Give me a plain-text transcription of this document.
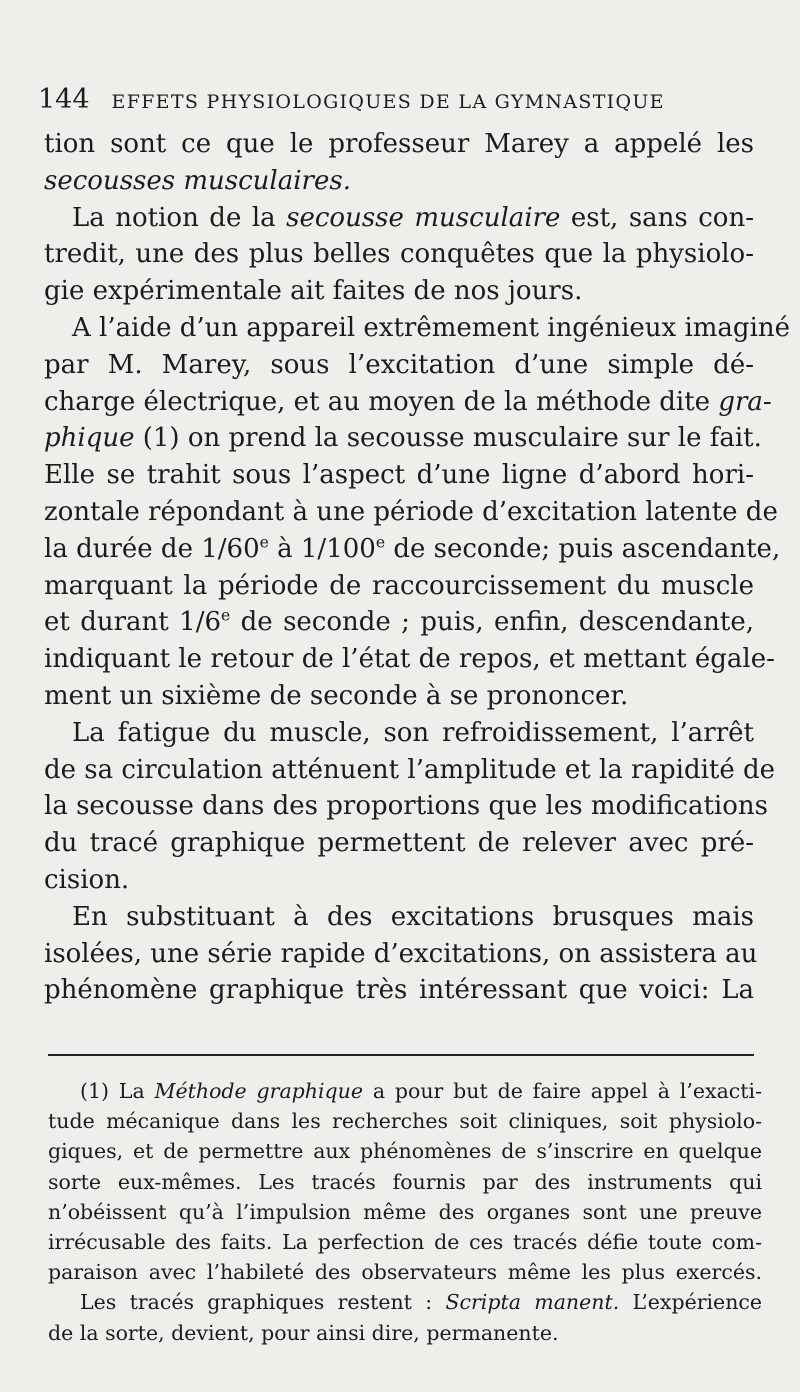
144 EFFETS PHYSIOLOGIQUES DE LA GYMNASTIQUE
tion sont ce que le professeur Marey a appelé les
secousses musculaires.
La notion de la secousse musculaire est, sans con-
tredit, une des plus belles conquêtes que la physiolo-
gie expérimentale ait faites de nos jours.
A l’aide d’un appareil extrêmement ingénieux imaginé
par M. Marey, sous l’excitation d’une simple dé-
charge électrique, et au moyen de la méthode dite gra-
phique (1) on prend la secousse musculaire sur le fait.
Elle se trahit sous l’aspect d’une ligne d’abord hori-
zontale répondant à une période d’excitation latente de
la durée de 1/60e à 1/100e de seconde; puis ascendante,
marquant la période de raccourcissement du muscle
et durant 1/6e de seconde ; puis, enfin, descendante,
indiquant le retour de l’état de repos, et mettant égale-
ment un sixième de seconde à se prononcer.
La fatigue du muscle, son refroidissement, l’arrêt
de sa circulation atténuent l’amplitude et la rapidité de
la secousse dans des proportions que les modifications
du tracé graphique permettent de relever avec pré-
cision.
En substituant à des excitations brusques mais
isolées, une série rapide d’excitations, on assistera au
phénomène graphique très intéressant que voici: La
(1) La Méthode graphique a pour but de faire appel à l’exacti-
tude mécanique dans les recherches soit cliniques, soit physiolo-
giques, et de permettre aux phénomènes de s’inscrire en quelque
sorte eux-mêmes. Les tracés fournis par des instruments qui
n’obéissent qu’à l’impulsion même des organes sont une preuve
irrécusable des faits. La perfection de ces tracés défie toute com-
paraison avec l’habileté des observateurs même les plus exercés.
Les tracés graphiques restent : Scripta manent. L’expérience
de la sorte, devient, pour ainsi dire, permanente.
